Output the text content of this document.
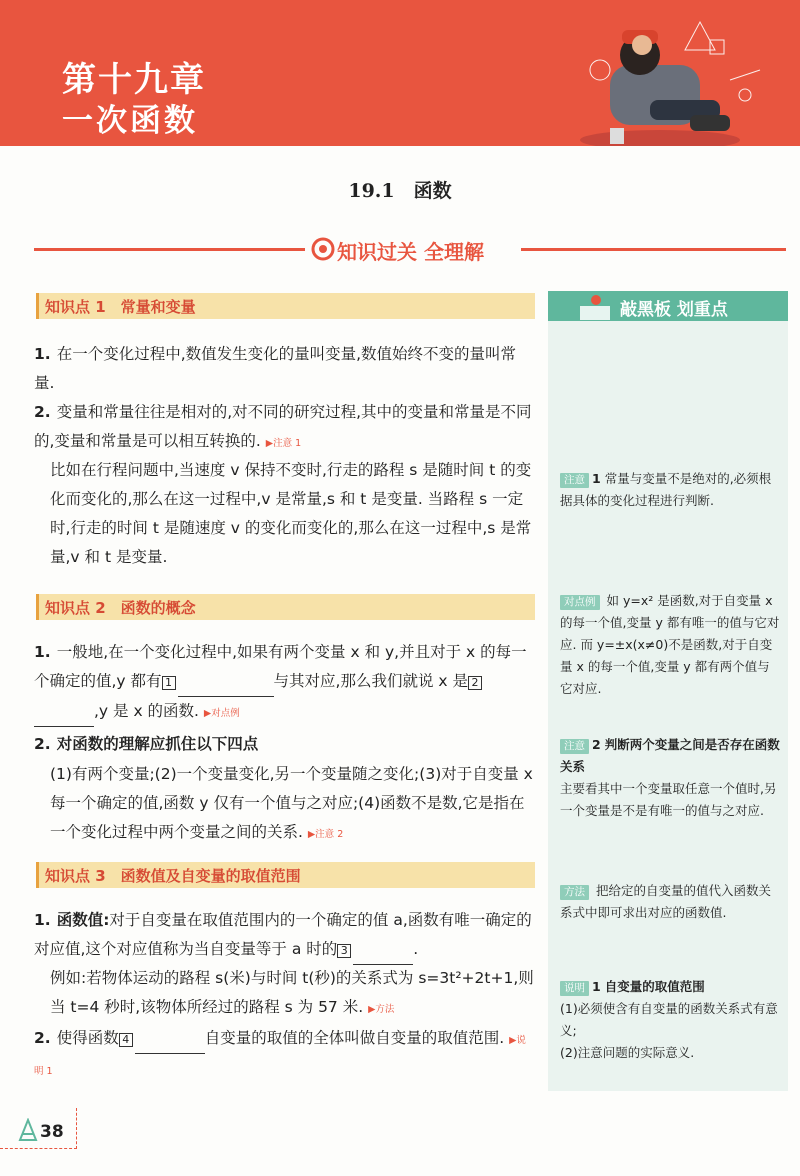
第十九章
一次函数
19.1　函数
知识过关 全理解
知识点 1　常量和变量
1. 在一个变化过程中,数值发生变化的量叫变量,数值始终不变的量叫常量.
2. 变量和常量往往是相对的,对不同的研究过程,其中的变量和常量是不同的,变量和常量是可以相互转换的. ▶注意 1
比如在行程问题中,当速度 v 保持不变时,行走的路程 s 是随时间 t 的变化而变化的,那么在这一过程中,v 是常量,s 和 t 是变量. 当路程 s 一定时,行走的时间 t 是随速度 v 的变化而变化的,那么在这一过程中,s 是常量,v 和 t 是变量.
知识点 2　函数的概念
1. 一般地,在一个变化过程中,如果有两个变量 x 和 y,并且对于 x 的每一个确定的值,y 都有 1	与其对应,那么我们就说 x 是 2 ,y 是 x 的函数. ▶对点例
2. 对函数的理解应抓住以下四点
(1)有两个变量;(2)一个变量变化,另一个变量随之变化;(3)对于自变量 x 每一个确定的值,函数 y 仅有一个值与之对应;(4)函数不是数,它是指在一个变化过程中两个变量之间的关系. ▶注意 2
知识点 3　函数值及自变量的取值范围
1. 函数值:对于自变量在取值范围内的一个确定的值 a,函数有唯一确定的对应值,这个对应值称为当自变量等于 a 时的 3	.
例如:若物体运动的路程 s(米)与时间 t(秒)的关系式为 s=3t²+2t+1,则当 t=4 秒时,该物体所经过的路程 s 为 57 米. ▶方法
2. 使得函数 4	自变量的取值的全体叫做自变量的取值范围. ▶说明 1
敲黑板 划重点
注意 1 常量与变量不是绝对的,必须根据具体的变化过程进行判断.
对点例 如 y=x² 是函数,对于自变量 x 的每一个值,变量 y 都有唯一的值与它对应. 而 y=±x(x≠0)不是函数,对于自变量 x 的每一个值,变量 y 都有两个值与它对应.
注意 2 判断两个变量之间是否存在函数关系
主要看其中一个变量取任意一个值时,另一个变量是不是有唯一的值与之对应.
方法 把给定的自变量的值代入函数关系式中即可求出对应的函数值.
说明 1 自变量的取值范围
(1)必须使含有自变量的函数关系式有意义;
(2)注意问题的实际意义.
38
